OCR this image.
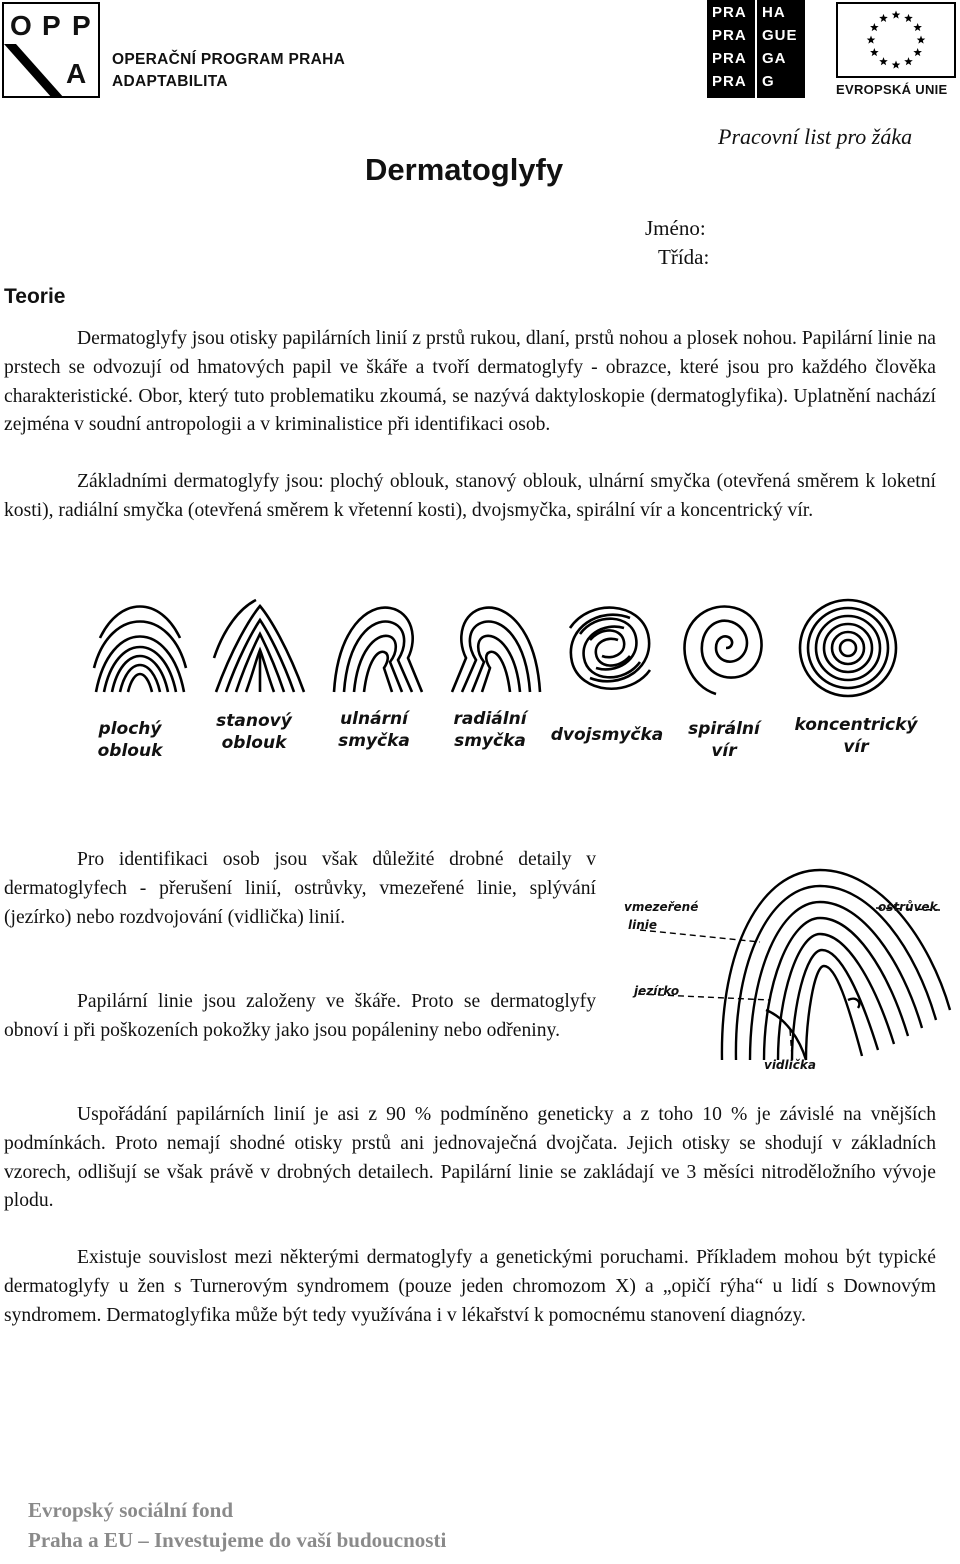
O P P
A OPERAČNÍ PROGRAM PRAHA
ADAPTABILITA
PRA HA
PRA GUE
PRA GA
PRA G	EVROPSKÁ UNIE
Dermatoglyfy
Pracovní list pro žáka
Jméno:
Třída:
Teorie

Dermatoglyfy jsou otisky papilárních linií z prstů rukou, dlaní, prstů nohou a plosek nohou. Papilární linie na prstech se odvozují od hmatových papil ve škáře a tvoří dermatoglyfy - obrazce, které jsou pro každého člověka charakteristické. Obor, který tuto problematiku zkoumá, se nazývá daktyloskopie (dermatoglyfika). Uplatnění nachází zejména v soudní antropologii a v kriminalistice při identifikaci osob.

Základními dermatoglyfy jsou: plochý oblouk, stanový oblouk, ulnární smyčka (otevřená směrem k loketní kosti), radiální smyčka (otevřená směrem k vřetenní kosti), dvojsmyčka, spirální vír a koncentrický vír.

plochý
oblouk
stanový
oblouk
ulnární
smyčka
radiální
smyčka	dvojsmyčka	spirální
vír
koncentrický
vír

Pro identifikaci osob jsou však důležité drobné detaily v dermatoglyfech - přerušení linií, ostrůvky, vmezeřené linie, splývání (jezírko) nebo rozdvojování (vidlička) linií.

Papilární linie jsou založeny ve škáře. Proto se dermatoglyfy obnoví i při poškozeních pokožky jako jsou popáleniny nebo odřeniny.

vmezeřené
linie
ostrůvek
jezírko
vidlička

Uspořádání papilárních linií je asi z 90 % podmíněno geneticky a z toho 10 % je závislé na vnějších podmínkách. Proto nemají shodné otisky prstů ani jednovaječná dvojčata. Jejich otisky se shodují v základních vzorech, odlišují se však právě v drobných detailech. Papilární linie se zakládají ve 3 měsíci nitroděložního vývoje plodu.

Existuje souvislost mezi některými dermatoglyfy a genetickými poruchami. Příkladem mohou být typické dermatoglyfy u žen s Turnerovým syndromem (pouze jeden chromozom X) a „opičí rýha“ u lidí s Downovým syndromem. Dermatoglyfika může být tedy využívána i v lékařství k pomocnému stanovení diagnózy.

Evropský sociální fond
Praha a EU – Investujeme do vaší budoucnosti
